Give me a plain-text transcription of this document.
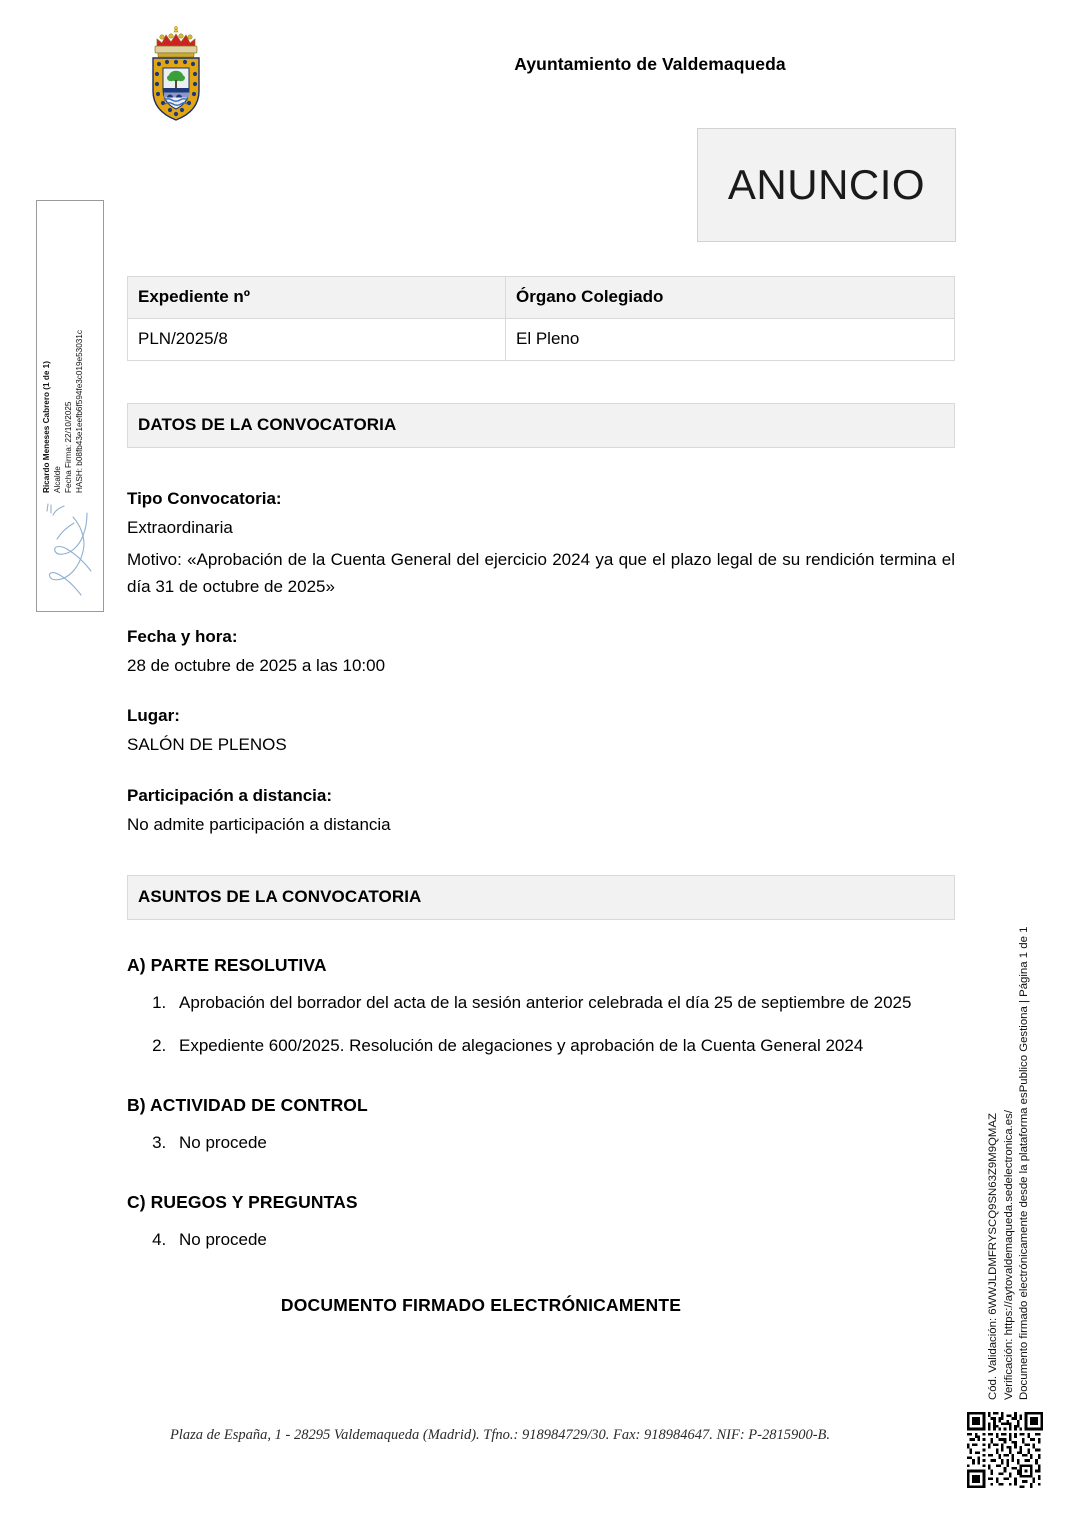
Ayuntamiento de Valdemaqueda
ANUNCIO
Expediente nº	Órgano Colegiado
PLN/2025/8	El Pleno
DATOS DE LA CONVOCATORIA
Tipo Convocatoria:
Extraordinaria
Motivo: «Aprobación de la Cuenta General del ejercicio 2024 ya que el plazo legal de su rendición termina el día 31 de octubre de 2025»
Fecha y hora:
28 de octubre de 2025 a las 10:00
Lugar:
SALÓN DE PLENOS
Participación a distancia:
No admite participación a distancia
ASUNTOS DE LA CONVOCATORIA
A) PARTE RESOLUTIVA
1. Aprobación del borrador del acta de la sesión anterior celebrada el día 25 de septiembre de 2025
2. Expediente 600/2025. Resolución de alegaciones y aprobación de la Cuenta General 2024
B) ACTIVIDAD DE CONTROL
3. No procede
C) RUEGOS Y PREGUNTAS
4. No procede
DOCUMENTO FIRMADO ELECTRÓNICAMENTE
Plaza de España, 1 - 28295 Valdemaqueda (Madrid). Tfno.: 918984729/30. Fax: 918984647. NIF: P-2815900-B.
Ricardo Meneses Cabrero (1 de 1) Alcalde Fecha Firma: 22/10/2025 HASH: b08fb43e1eefb6f594fe3c019e53031c
Cód. Validación: 6WWJLDMFRYSCQ9SN63Z9M9QMAZ Verificación: https://aytovaldemaqueda.sedelectronica.es/ Documento firmado electrónicamente desde la plataforma esPublico Gestiona | Página 1 de 1
